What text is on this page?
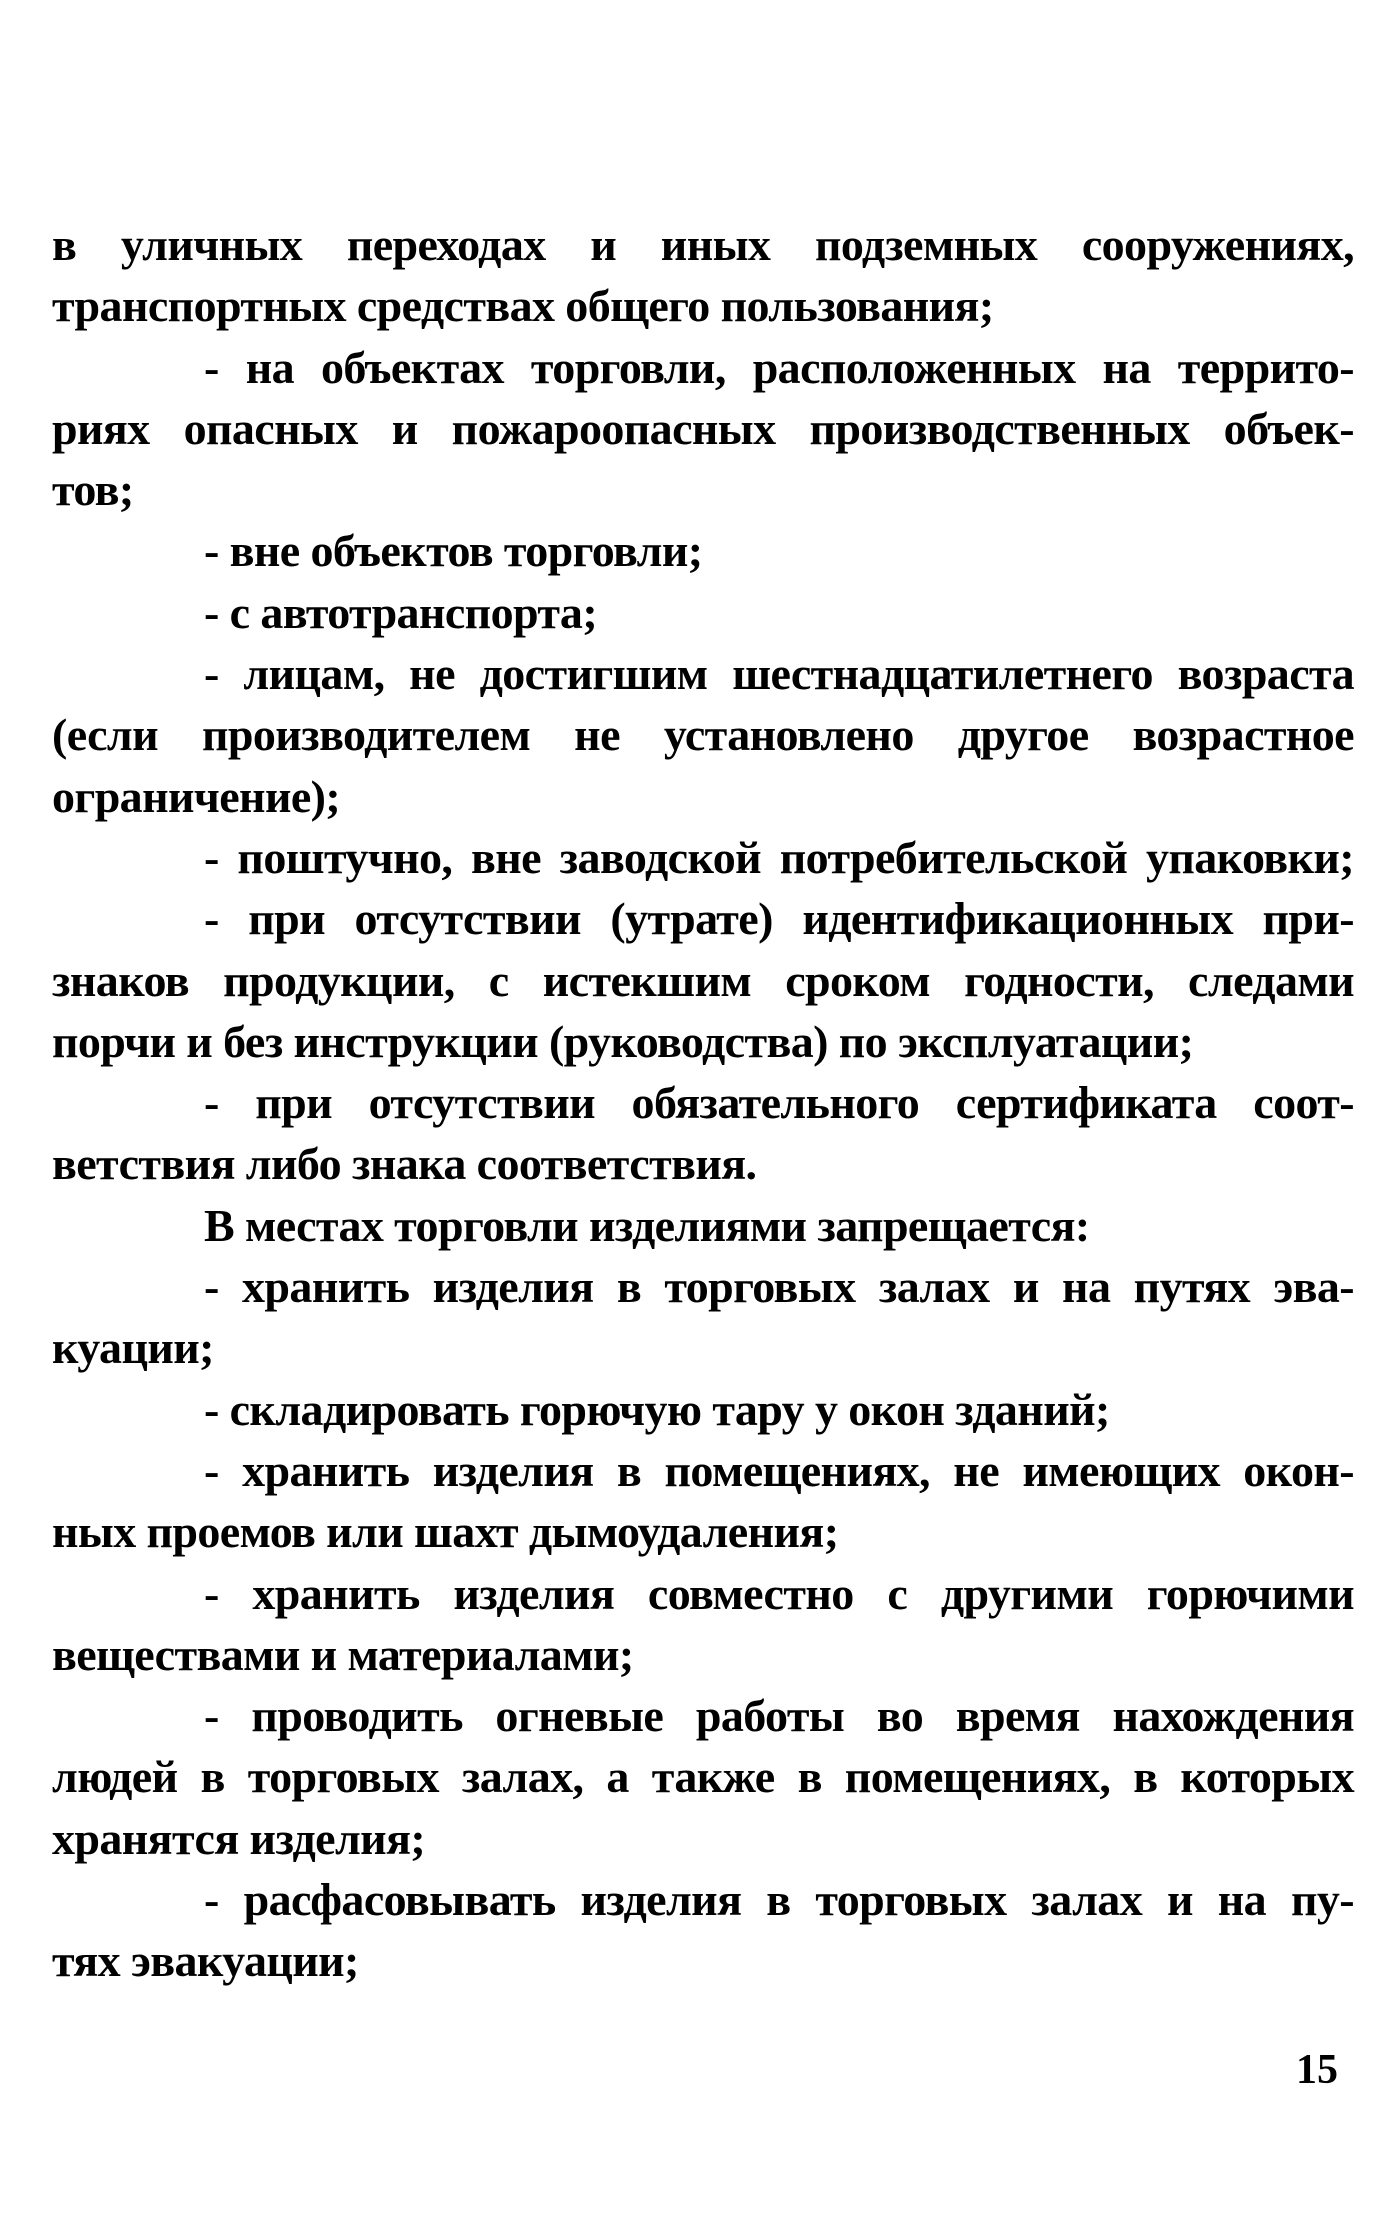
в уличных переходах и иных подземных сооружениях,
транспортных средствах общего пользования;
- на объектах торговли, расположенных на террито-
риях опасных и пожароопасных производственных объек-
тов;
- вне объектов торговли;
- с автотранспорта;
- лицам, не достигшим шестнадцатилетнего возраста
(если производителем не установлено другое возрастное
ограничение);
- поштучно, вне заводской потребительской упаковки;
- при отсутствии (утрате) идентификационных при-
знаков продукции, с истекшим сроком годности, следами
порчи и без инструкции (руководства) по эксплуатации;
- при отсутствии обязательного сертификата соот-
ветствия либо знака соответствия.
В местах торговли изделиями запрещается:
- хранить изделия в торговых залах и на путях эва-
куации;
- складировать горючую тару у окон зданий;
- хранить изделия в помещениях, не имеющих окон-
ных проемов или шахт дымоудаления;
- хранить изделия совместно с другими горючими
веществами и материалами;
- проводить огневые работы во время нахождения
людей в торговых залах, а также в помещениях, в которых
хранятся изделия;
- расфасовывать изделия в торговых залах и на пу-
тях эвакуации;
15
